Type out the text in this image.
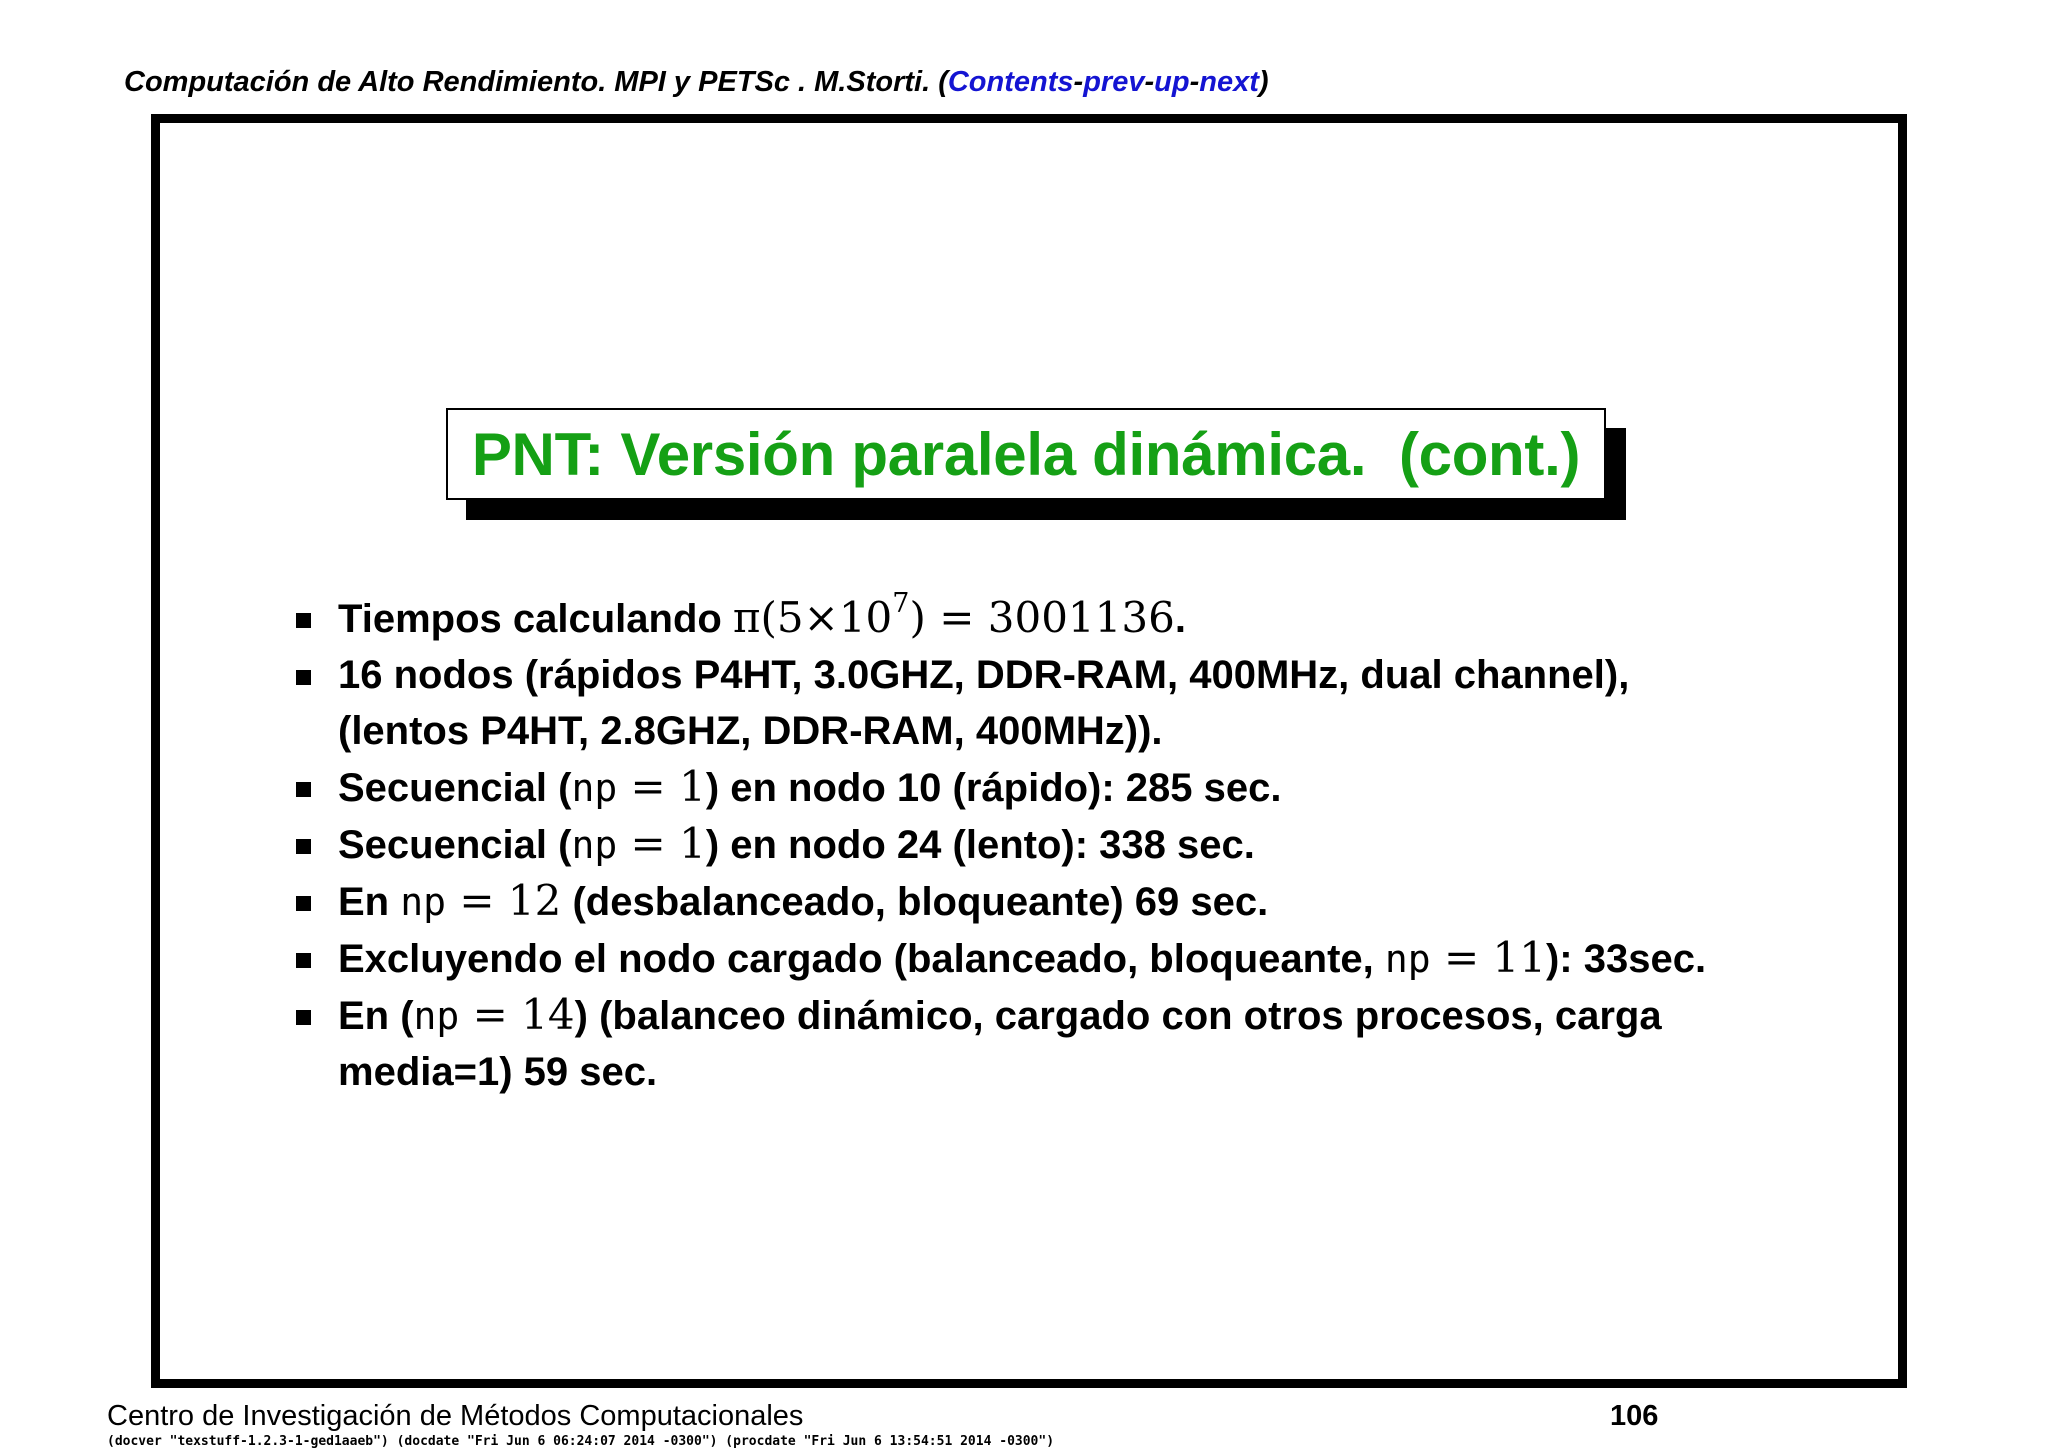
Computación de Alto Rendimiento. MPI y PETSc . M.Storti. (Contents-prev-up-next)
PNT: Versión paralela dinámica.  (cont.)
Tiempos calculando $\pi(5\times 10^7) = 3001136$.
16 nodos (rápidos P4HT, 3.0GHZ, DDR-RAM, 400MHz, dual channel),
(lentos P4HT, 2.8GHZ, DDR-RAM, 400MHz)).
Secuencial (np = 1) en nodo 10 (rápido): 285 sec.
Secuencial (np = 1) en nodo 24 (lento): 338 sec.
En np = 12 (desbalanceado, bloqueante) 69 sec.
Excluyendo el nodo cargado (balanceado, bloqueante, np = 11): 33sec.
En (np = 14) (balanceo dinámico, cargado con otros procesos, carga
media=1) 59 sec.
Centro de Investigación de Métodos Computacionales	106
(docver "texstuff-1.2.3-1-ged1aaeb") (docdate "Fri Jun 6 06:24:07 2014 -0300") (procdate "Fri Jun 6 13:54:51 2014 -0300")
